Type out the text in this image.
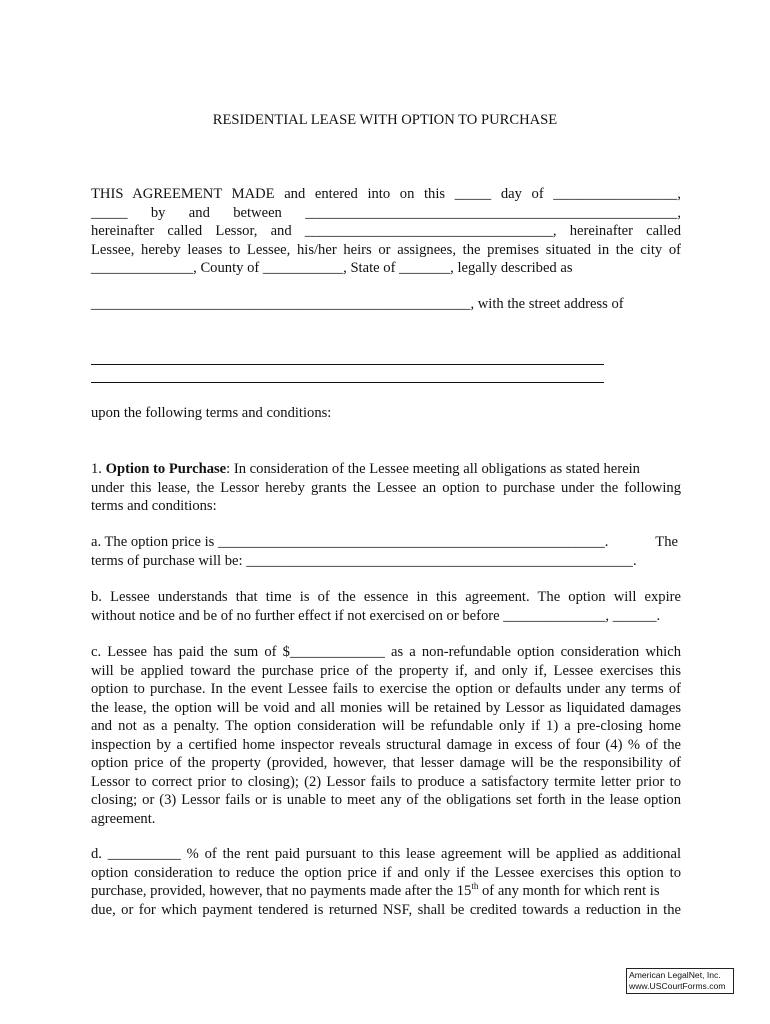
RESIDENTIAL LEASE WITH OPTION TO PURCHASE
THIS AGREEMENT MADE and entered into on this _____ day of _________________,
_____ by and between ___________________________________________________,
hereinafter called Lessor, and __________________________________, hereinafter called
Lessee, hereby leases to Lessee, his/her heirs or assignees, the premises situated in the city of
______________, County of ___________, State of _______, legally described as
____________________________________________________, with the street address of
upon the following terms and conditions:
1. Option to Purchase: In consideration of the Lessee meeting all obligations as stated herein
under this lease, the Lessor hereby grants the Lessee an option to purchase under the following
terms and conditions:
a. The option price is _____________________________________________________.	The
terms of purchase will be: _____________________________________________________.
b. Lessee understands that time is of the essence in this agreement. The option will expire
without notice and be of no further effect if not exercised on or before ______________, ______.
c. Lessee has paid the sum of $_____________ as a non-refundable option consideration which
will be applied toward the purchase price of the property if, and only if, Lessee exercises this
option to purchase. In the event Lessee fails to exercise the option or defaults under any terms of
the lease, the option will be void and all monies will be retained by Lessor as liquidated damages
and not as a penalty. The option consideration will be refundable only if 1) a pre-closing home
inspection by a certified home inspector reveals structural damage in excess of four (4) % of the
option price of the property (provided, however, that lesser damage will be the responsibility of
Lessor to correct prior to closing); (2) Lessor fails to produce a satisfactory termite letter prior to
closing; or (3) Lessor fails or is unable to meet any of the obligations set forth in the lease option
agreement.
d. __________ % of the rent paid pursuant to this lease agreement will be applied as additional
option consideration to reduce the option price if and only if the Lessee exercises this option to
purchase, provided, however, that no payments made after the 15th of any month for which rent is
due, or for which payment tendered is returned NSF, shall be credited towards a reduction in the
American LegalNet, Inc.
www.USCourtForms.com
